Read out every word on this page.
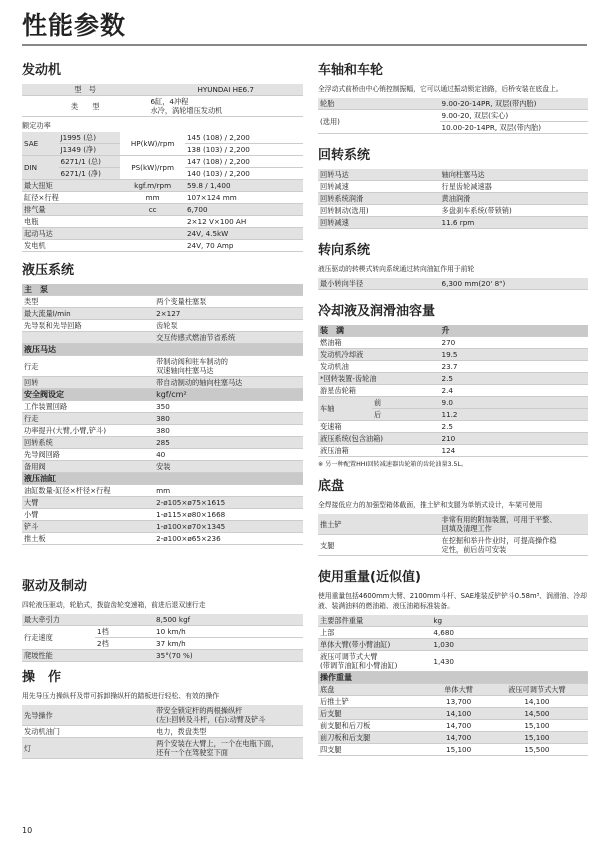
性能参数
发动机
型　号	HYUNDAI HE6.7
类　　型	6缸，4冲程
水冷，涡轮增压发动机
额定功率
SAE	J1995 (总)	HP(kW)/rpm	145 (108) / 2,200
	J1349 (净)		138 (103) / 2,200
DIN	6271/1 (总)	PS(kW)/rpm	147 (108) / 2,200
	6271/1 (净)		140 (103) / 2,200
最大扭矩		kgf.m/rpm	59.8 / 1,400
缸径×行程		mm	107×124 mm
排气量		cc	6,700
电瓶			2×12 V×100 AH
起动马达			24V, 4.5kW
发电机			24V, 70 Amp
液压系统
主　泵	
类型	两个变量柱塞泵
最大流量l/min	2×127
先导泵和先导回路	齿轮泵
	交互传感式燃油节省系统
液压马达	
行走	带制动阀和驻车制动的
双速轴向柱塞马达
回转	带自动制动的轴向柱塞马达
安全阀设定	kgf/cm²
工作装置回路	350
行走	380
功率提升(大臂,小臂,铲斗)	380
回转系统	285
先导阀回路	40
备用阀	安装
液压油缸	
油缸数量-缸径×杆径×行程	mm
大臂	2-ø105×ø75×1615
小臂	1-ø115×ø80×1668
铲斗	1-ø100×ø70×1345
推土板	2-ø100×ø65×236
驱动及制动
四轮液压驱动，轮胎式，拨旋齿轮变速箱，前进后退双速行走
最大牵引力		8,500 kgf
行走速度	1档	10 km/h
	2档	37 km/h
爬坡性能		35°(70 %)
操　作
用先导压力操纵杆及带可拆卸操纵杆的踏板进行轻松、有效的操作
先导操作	带安全锁定杆的两根操纵杆
(左):回转及斗杆，(右):动臂及铲斗
发动机油门	电力，拨盘类型
灯	两个安装在大臂上，一个在电瓶下面，
还有一个在驾驶室下面
车轴和车轮
全浮动式前桥由中心销控制振幅，它可以通过振动锁定油路，后桥安装在底盘上。
轮胎	9.00-20-14PR, 双层(带内胎)
(选用)	9.00-20, 双层(实心)
	10.00-20-14PR, 双层(带内胎)
回转系统
回转马达	轴向柱塞马达
回转减速	行星齿轮减速器
回转系统润滑	黄油润滑
回转制动(选用)	多盘刹车系统(带锁销)
回转减速	11.6 rpm
转向系统
液压驱动的转楔式转向系统通过转向油缸作用于前轮
最小转向半径	6,300 mm(20' 8")
冷却液及润滑油容量
装　满		升
燃油箱		270
发动机冷却液		19.5
发动机油		23.7
*回转装置-齿轮油		2.5
游星齿轮箱		2.4
车轴	前	9.0
	后	11.2
变速箱		2.5
液压系统(包含油箱)		210
液压油箱		124
※ 另一种配置HHI回转减速器齿轮箱的齿轮油量3.5L。
底盘
全焊接低应力的加强型箱体截面，推土铲和支腿为单销式设计，车架可使用
推土铲	非常有用的附加装置，可用于平整、
回填及清理工作
支腿	在挖掘和举升作业时，可提高操作稳
定性，前后齿可安装
使用重量(近似值)
使用重量包括4600mm大臂、2100mm斗杆、SAE堆装反铲铲斗0.58m³、润滑油、冷却液、装满油料的燃油箱、液压油箱标准装备。
主要部件重量	kg	
上部	4,680	
单体大臂(带小臂油缸)	1,030	
液压可调节式大臂
(带调节油缸和小臂油缸)	1,430	
操作重量		
底盘	单体大臂	液压可调节式大臂
后推土铲	13,700	14,100
后支腿	14,100	14,500
前支腿和后刀板	14,700	15,100
前刀板和后支腿	14,700	15,100
四支腿	15,100	15,500
10
